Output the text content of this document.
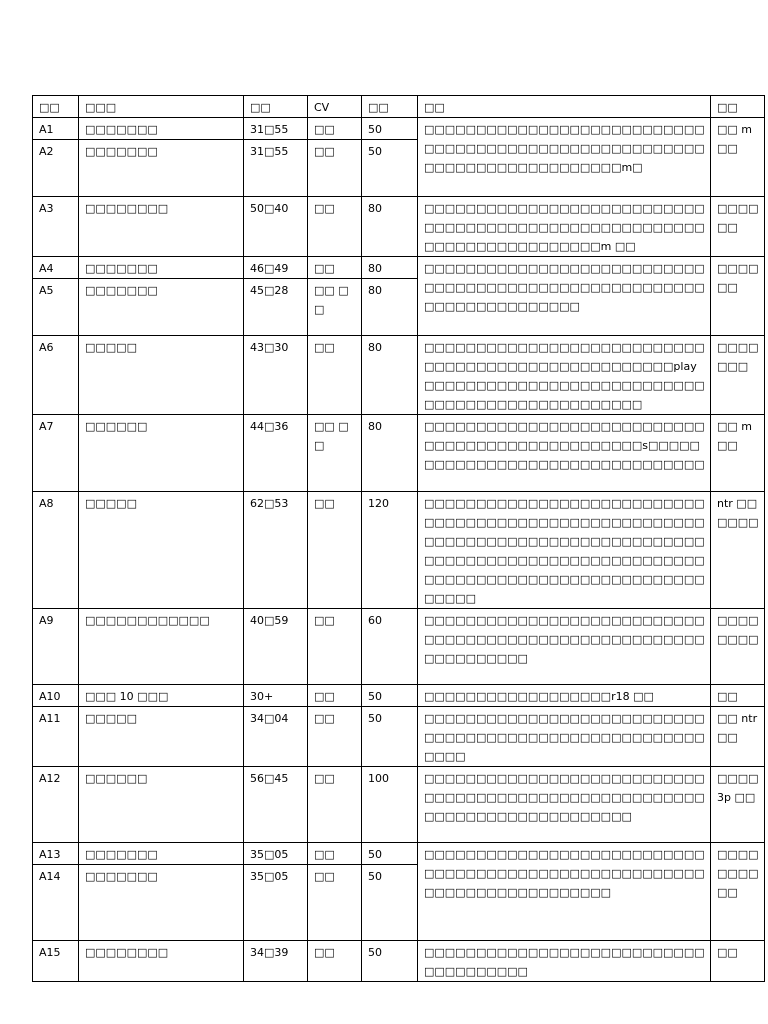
□□	□□□	□□	CV	□□	□□	□□
A1	□□□□□□□	31□55	□□	50	□□□□□□□□□□□□□□□□□□□□□□□□□□□□□□□□□□□□□□□□□□□□□□□□□□□□□□□□□□□□□□□□□□□□□□□□□m□	□□ m □□
A2	□□□□□□□	31□55	□□	50		
A3	□□□□□□□□	50□40	□□	80	□□□□□□□□□□□□□□□□□□□□□□□□□□□□□□□□□□□□□□□□□□□□□□□□□□□□□□□□□□□□□□□□□□□□□□□m □□	□□□□□□
A4	□□□□□□□	46□49	□□	80	□□□□□□□□□□□□□□□□□□□□□□□□□□□□□□□□□□□□□□□□□□□□□□□□□□□□□□□□□□□□□□□□□□□□□	□□□□□□
A5	□□□□□□□	45□28	□□ □□	80		
A6	□□□□□	43□30	□□	80	□□□□□□□□□□□□□□□□□□□□□□□□□□□□□□□□□□□□□□□□□□□□□□□□□□□play□□□□□□□□□□□□□□□□□□□□□□□□□□□□□□□□□□□□□□□□□□□□□□□□	□□□□□□□
A7	□□□□□□	44□36	□□ □□	80	□□□□□□□□□□□□□□□□□□□□□□□□□□□□□□□□□□□□□□□□□□□□□□□□s□□□□□□□□□□□□□□□□□□□□□□□□□□□□□□□□	□□ m □□
A8	□□□□□	62□53	□□	120	□□□□□□□□□□□□□□□□□□□□□□□□□□□□□□□□□□□□□□□□□□□□□□□□□□□□□□□□□□□□□□□□□□□□□□□□□□□□□□□□□□□□□□□□□□□□□□□□□□□□□□□□□□□□□□□□□□□□□□□□□□□□□□□□□□□□□□□□□□□□	ntr □□□□□□
A9	□□□□□□□□□□□□	40□59	□□	60	□□□□□□□□□□□□□□□□□□□□□□□□□□□□□□□□□□□□□□□□□□□□□□□□□□□□□□□□□□□□□□□□	□□□□□□□□
A10	□□□ 10 □□□	30+	□□	50	□□□□□□□□□□□□□□□□□□r18 □□	□□
A11	□□□□□	34□04	□□	50	□□□□□□□□□□□□□□□□□□□□□□□□□□□□□□□□□□□□□□□□□□□□□□□□□□□□□□□□□□	□□ ntr □□
A12	□□□□□□	56□45	□□	100	□□□□□□□□□□□□□□□□□□□□□□□□□□□□□□□□□□□□□□□□□□□□□□□□□□□□□□□□□□□□□□□□□□□□□□□□□□	□□□□ 3p □□
A13	□□□□□□□	35□05	□□	50	□□□□□□□□□□□□□□□□□□□□□□□□□□□□□□□□□□□□□□□□□□□□□□□□□□□□□□□□□□□□□□□□□□□□□□□□	□□□□□□□□□□
A14	□□□□□□□	35□05	□□	50		
A15	□□□□□□□□	34□39	□□	50	□□□□□□□□□□□□□□□□□□□□□□□□□□□□□□□□□□□□□	□□
